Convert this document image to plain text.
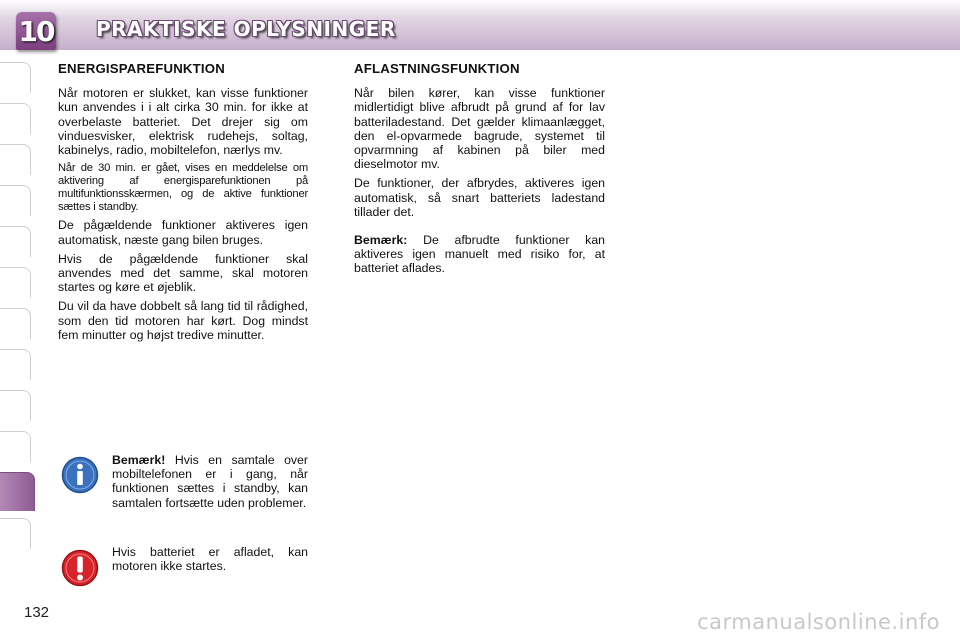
10 PRAKTISKE OPLYSNINGER
ENERGISPAREFUNKTION

Når motoren er slukket, kan visse funktioner kun anvendes i i alt cirka 30 min. for ikke at overbelaste batteriet. Det drejer sig om vinduesvisker, elektrisk rudehejs, soltag, kabinelys, radio, mobiltelefon, nærlys mv.

Når de 30 min. er gået, vises en meddelelse om aktivering af energisparefunktionen på multifunktionsskærmen, og de aktive funktioner sættes i standby.

De pågældende funktioner aktiveres igen automatisk, næste gang bilen bruges.

Hvis de pågældende funktioner skal anvendes med det samme, skal motoren startes og køre et øjeblik.

Du vil da have dobbelt så lang tid til rådighed, som den tid motoren har kørt. Dog mindst fem minutter og højst tredive minutter.

Bemærk! Hvis en samtale over mobiltelefonen er i gang, når funktionen sættes i standby, kan samtalen fortsætte uden problemer.
Hvis batteriet er afladet, kan motoren ikke startes.
AFLASTNINGSFUNKTION

Når bilen kører, kan visse funktioner midlertidigt blive afbrudt på grund af for lav batteriladestand. Det gælder klimaanlægget, den el-opvarmede bagrude, systemet til opvarmning af kabinen på biler med dieselmotor mv.

De funktioner, der afbrydes, aktiveres igen automatisk, så snart batteriets ladestand tillader det.

Bemærk: De afbrudte funktioner kan aktiveres igen manuelt med risiko for, at batteriet aflades.

132	carmanualsonline.info
